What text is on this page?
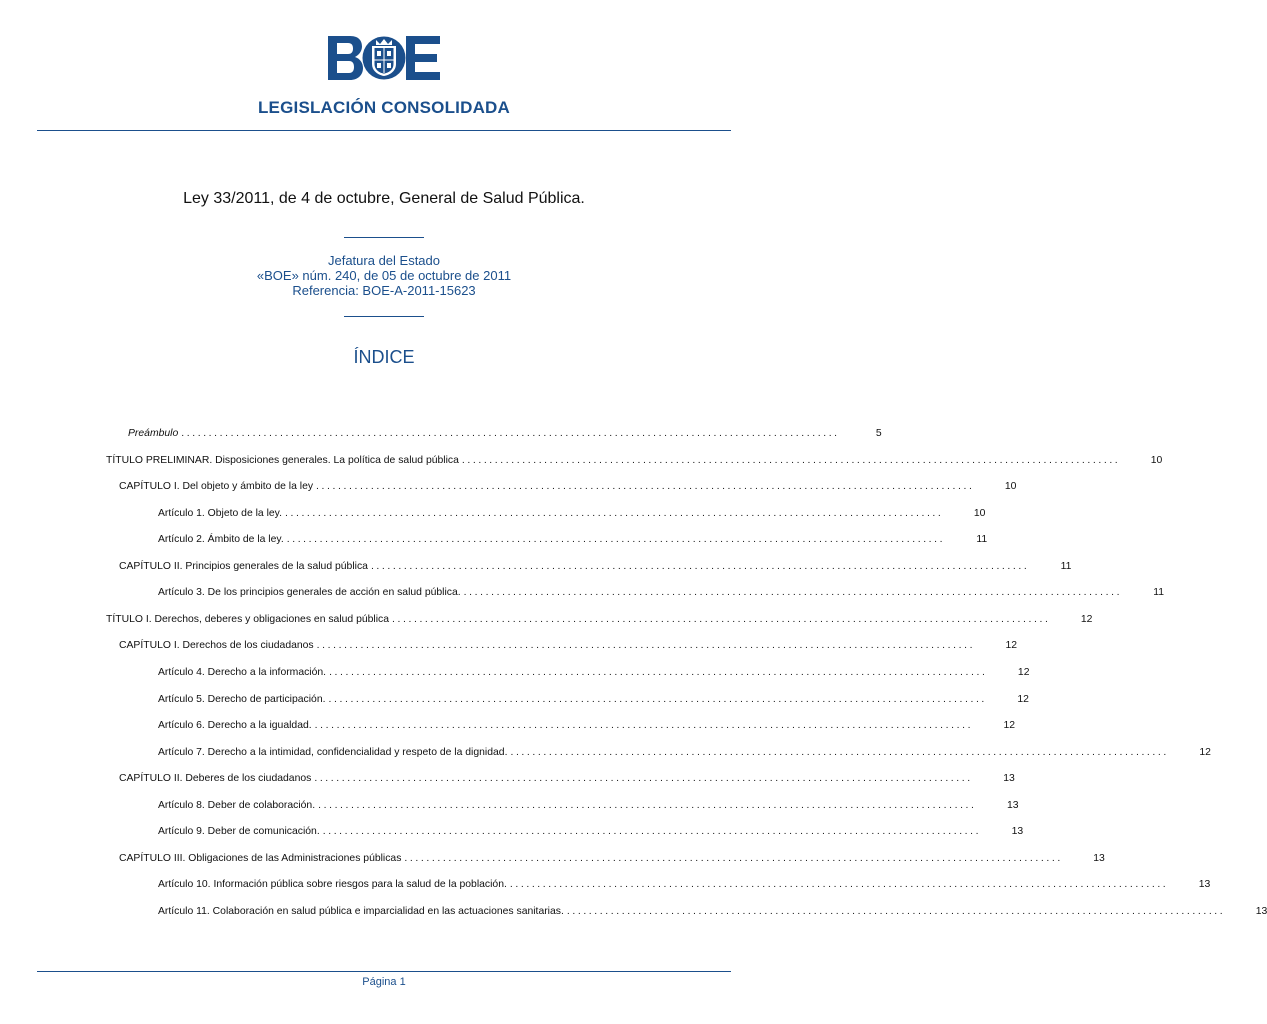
LEGISLACIÓN CONSOLIDADA
Ley 33/2011, de 4 de octubre, General de Salud Pública.
Jefatura del Estado
«BOE» núm. 240, de 05 de octubre de 2011
Referencia: BOE-A-2011-15623
ÍNDICE
Preámbulo ........................................................................................................................	5
TÍTULO PRELIMINAR. Disposiciones generales. La política de salud pública ........................................................................................................................	10
CAPÍTULO I. Del objeto y ámbito de la ley ........................................................................................................................	10
Artículo 1. Objeto de la ley. ........................................................................................................................	10
Artículo 2. Ámbito de la ley. ........................................................................................................................	11
CAPÍTULO II. Principios generales de la salud pública ........................................................................................................................	11
Artículo 3. De los principios generales de acción en salud pública. ........................................................................................................................	11
TÍTULO I. Derechos, deberes y obligaciones en salud pública ........................................................................................................................	12
CAPÍTULO I. Derechos de los ciudadanos ........................................................................................................................	12
Artículo 4. Derecho a la información. ........................................................................................................................	12
Artículo 5. Derecho de participación. ........................................................................................................................	12
Artículo 6. Derecho a la igualdad. ........................................................................................................................	12
Artículo 7. Derecho a la intimidad, confidencialidad y respeto de la dignidad. ........................................................................................................................	12
CAPÍTULO II. Deberes de los ciudadanos ........................................................................................................................	13
Artículo 8. Deber de colaboración. ........................................................................................................................	13
Artículo 9. Deber de comunicación. ........................................................................................................................	13
CAPÍTULO III. Obligaciones de las Administraciones públicas ........................................................................................................................	13
Artículo 10. Información pública sobre riesgos para la salud de la población. ........................................................................................................................	13
Artículo 11. Colaboración en salud pública e imparcialidad en las actuaciones sanitarias. ........................................................................................................................	13
Página 1
